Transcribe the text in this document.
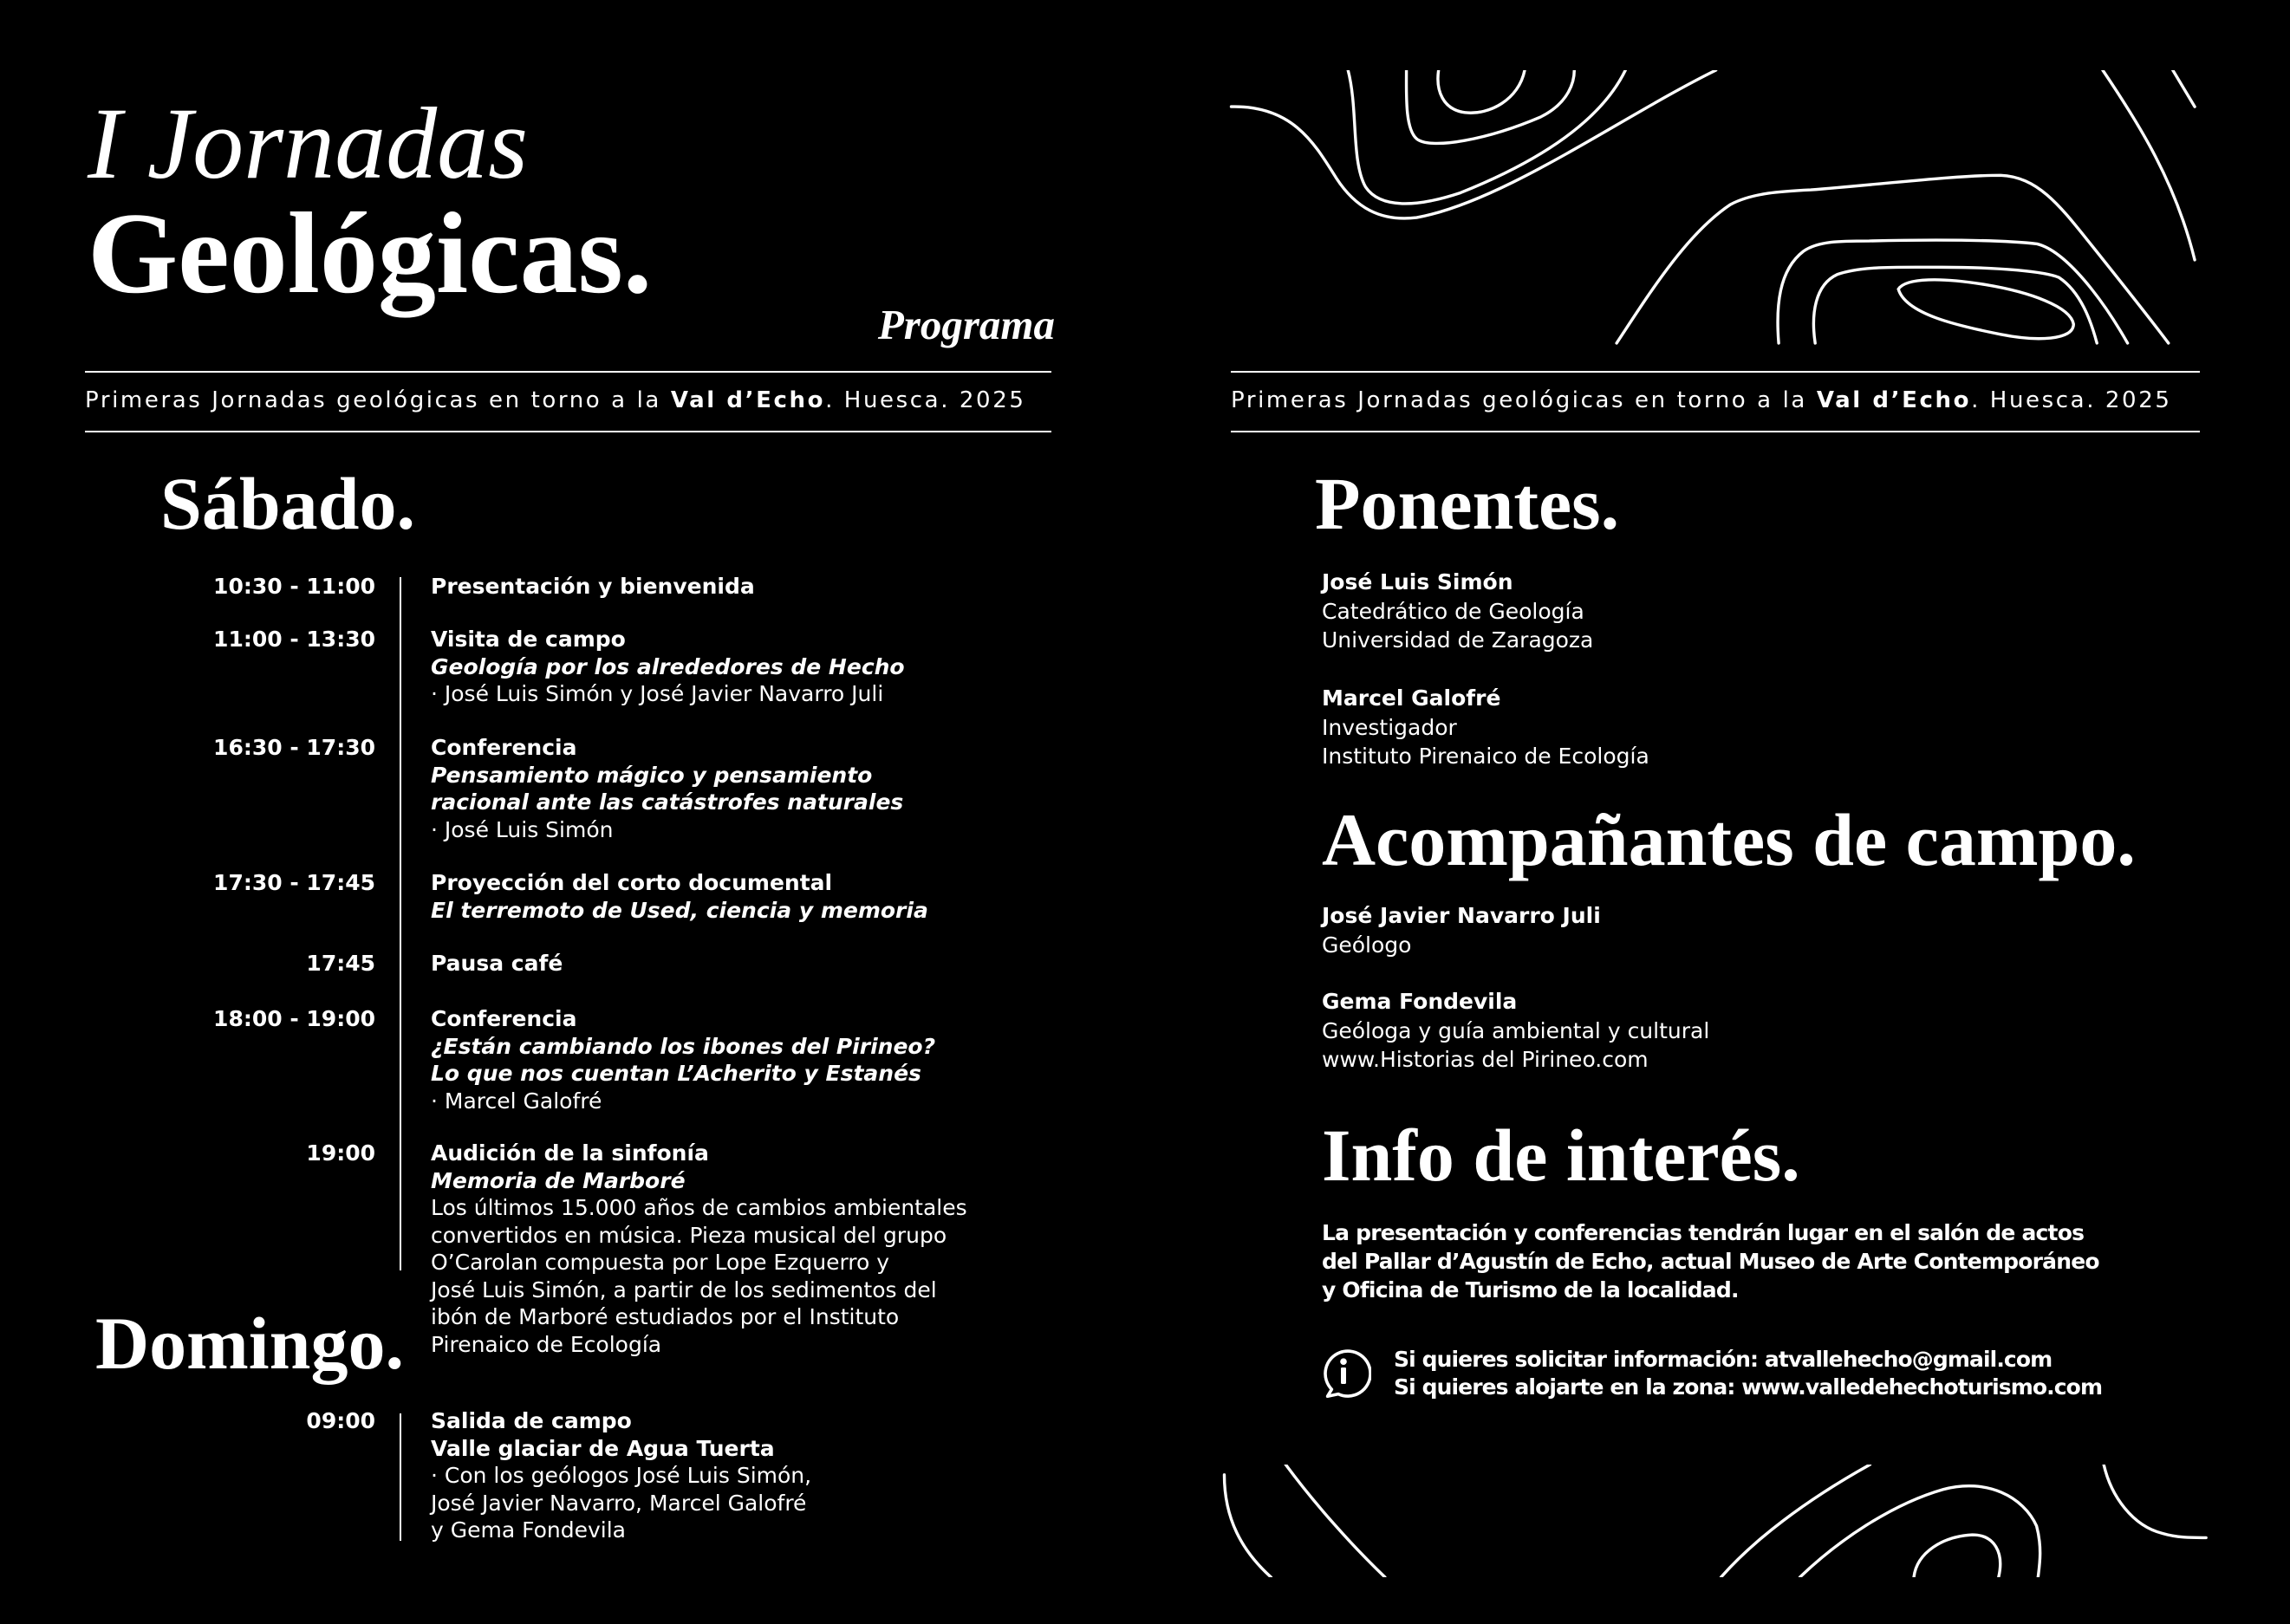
I Jornadas
Geológicas.
Programa
Primeras Jornadas geológicas en torno a la Val d’Echo. Huesca. 2025
Sábado.
10:30 - 11:00	Presentación y bienvenida
11:00 - 13:30	Visita de campo
Geología por los alrededores de Hecho
· José Luis Simón y José Javier Navarro Juli
16:30 - 17:30	Conferencia
Pensamiento mágico y pensamiento
racional ante las catástrofes naturales
· José Luis Simón
17:30 - 17:45	Proyección del corto documental
El terremoto de Used, ciencia y memoria
17:45	Pausa café
18:00 - 19:00	Conferencia
¿Están cambiando los ibones del Pirineo?
Lo que nos cuentan L’Acherito y Estanés
· Marcel Galofré
19:00	Audición de la sinfonía
Memoria de Marboré
Los últimos 15.000 años de cambios ambientales
convertidos en música. Pieza musical del grupo
O’Carolan compuesta por Lope Ezquerro y
José Luis Simón, a partir de los sedimentos del
ibón de Marboré estudiados por el Instituto
Pirenaico de Ecología
Domingo.
09:00	Salida de campo
Valle glaciar de Agua Tuerta
· Con los geólogos José Luis Simón,
José Javier Navarro, Marcel Galofré
y Gema Fondevila
Primeras Jornadas geológicas en torno a la Val d’Echo. Huesca. 2025
Ponentes.
José Luis Simón
Catedrático de Geología
Universidad de Zaragoza
Marcel Galofré
Investigador
Instituto Pirenaico de Ecología
Acompañantes de campo.
José Javier Navarro Juli
Geólogo
Gema Fondevila
Geóloga y guía ambiental y cultural
www.Historias del Pirineo.com
Info de interés.
La presentación y conferencias tendrán lugar en el salón de actos
del Pallar d’Agustín de Echo, actual Museo de Arte Contemporáneo
y Oficina de Turismo de la localidad.
Si quieres solicitar información: atvallehecho@gmail.com
Si quieres alojarte en la zona: www.valledehechoturismo.com
